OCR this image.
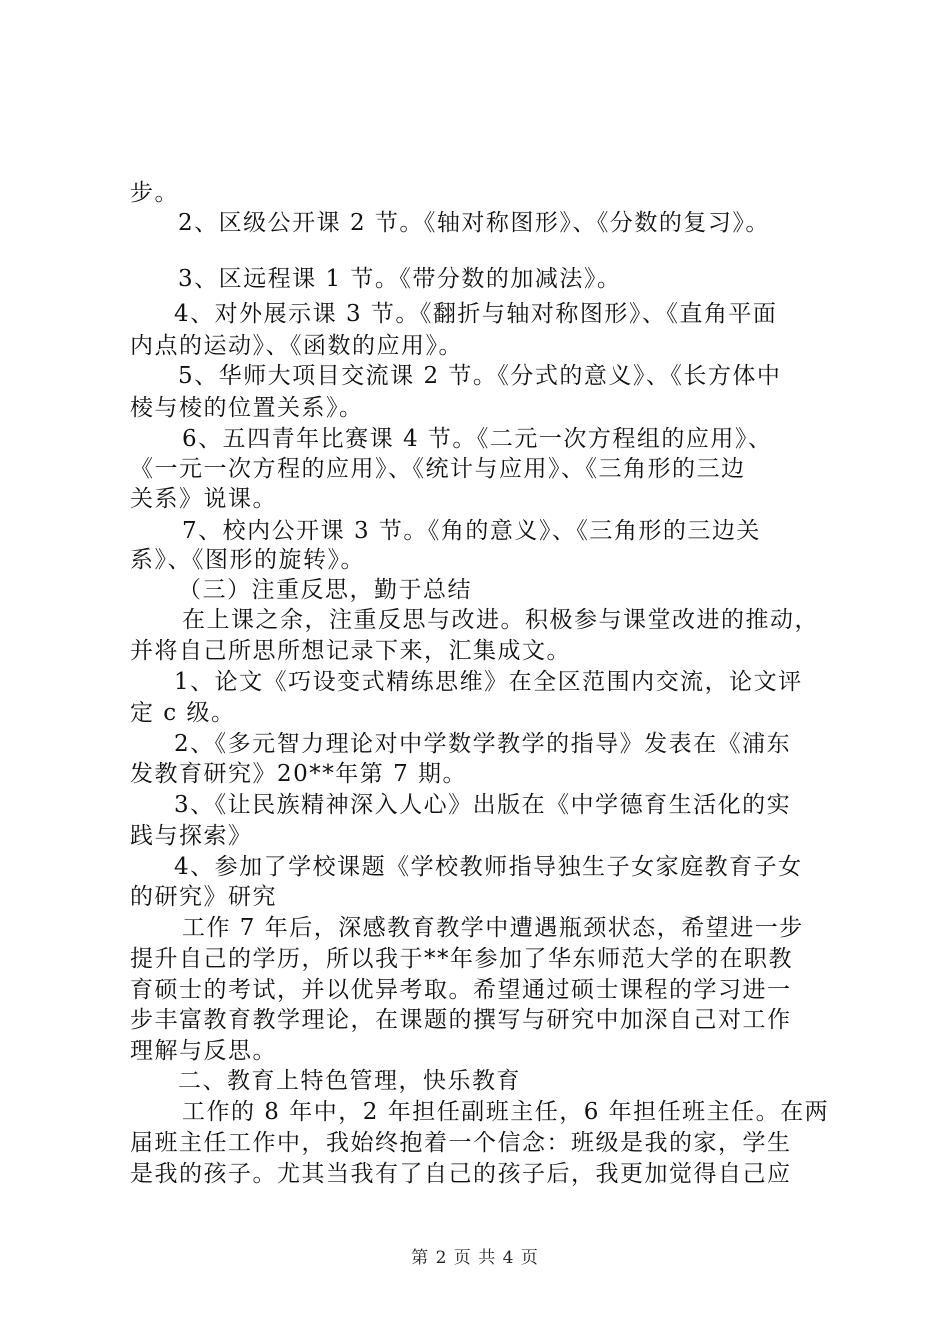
步。
2、区级公开课 2 节。《轴对称图形》、《分数的复习》。
3、区远程课 1 节。《带分数的加减法》。
4、对外展示课 3 节。《翻折与轴对称图形》、《直角平面
内点的运动》、《函数的应用》。
5、华师大项目交流课 2 节。《分式的意义》、《长方体中
棱与棱的位置关系》。
6、五四青年比赛课 4 节。《二元一次方程组的应用》、
《一元一次方程的应用》、《统计与应用》、《三角形的三边
关系》说课。
7、校内公开课 3 节。《角的意义》、《三角形的三边关
系》、《图形的旋转》。
（三）注重反思，勤于总结
在上课之余，注重反思与改进。积极参与课堂改进的推动，
并将自己所思所想记录下来，汇集成文。
1、论文《巧设变式精练思维》在全区范围内交流，论文评
定 c 级。
2、《多元智力理论对中学数学教学的指导》发表在《浦东
发教育研究》20**年第 7 期。
3、《让民族精神深入人心》出版在《中学德育生活化的实
践与探索》
4、参加了学校课题《学校教师指导独生子女家庭教育子女
的研究》研究
工作 7 年后，深感教育教学中遭遇瓶颈状态，希望进一步
提升自己的学历，所以我于**年参加了华东师范大学的在职教
育硕士的考试，并以优异考取。希望通过硕士课程的学习进一
步丰富教育教学理论，在课题的撰写与研究中加深自己对工作
理解与反思。
二、教育上特色管理，快乐教育
工作的 8 年中，2 年担任副班主任，6 年担任班主任。在两
届班主任工作中，我始终抱着一个信念：班级是我的家，学生
是我的孩子。尤其当我有了自己的孩子后，我更加觉得自己应
第 2 页 共 4 页
